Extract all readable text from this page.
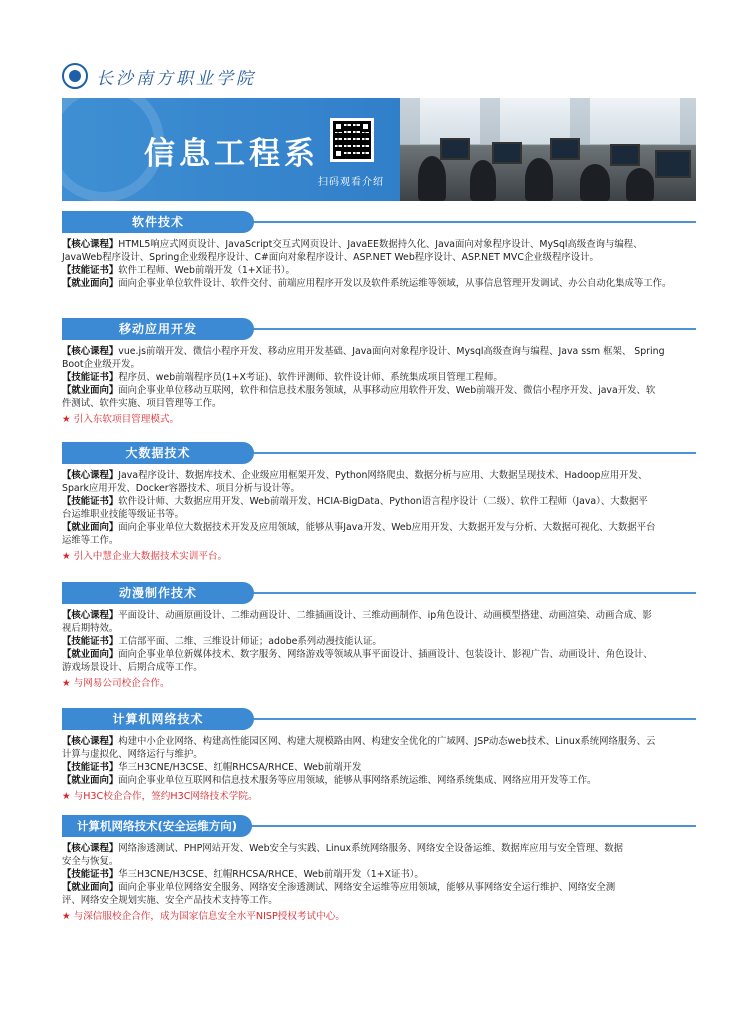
长沙南方职业学院
信息工程系
扫码观看介绍
软件技术
【核心课程】HTML5响应式网页设计、JavaScript交互式网页设计、JavaEE数据持久化、Java面向对象程序设计、MySql高级查询与编程、
JavaWeb程序设计、Spring企业级程序设计、C#面向对象程序设计、ASP.NET Web程序设计、ASP.NET MVC企业级程序设计。
【技能证书】软件工程师、Web前端开发（1+X证书）。
【就业面向】面向企事业单位软件设计、软件交付、前端应用程序开发以及软件系统运维等领域，从事信息管理开发调试、办公自动化集成等工作。
移动应用开发
【核心课程】vue.js前端开发、微信小程序开发、移动应用开发基础、Java面向对象程序设计、Mysql高级查询与编程、Java ssm 框架、 Spring
Boot企业级开发。
【技能证书】程序员、web前端程序员(1+X考证)、软件评测师、软件设计师、系统集成项目管理工程师。
【就业面向】面向企事业单位移动互联网，软件和信息技术服务领域，从事移动应用软件开发、Web前端开发、微信小程序开发、java开发、软
件测试、软件实施、项目管理等工作。
★ 引入东软项目管理模式。
大数据技术
【核心课程】Java程序设计、数据库技术、企业级应用框架开发、Python网络爬虫、数据分析与应用、大数据呈现技术、Hadoop应用开发、
Spark应用开发、Docker容器技术、项目分析与设计等。
【技能证书】软件设计师、大数据应用开发、Web前端开发、HCIA-BigData、Python语言程序设计（二级）、软件工程师（Java）、大数据平
台运维职业技能等级证书等。
【就业面向】面向企事业单位大数据技术开发及应用领域，能够从事Java开发、Web应用开发、大数据开发与分析、大数据可视化、大数据平台
运维等工作。
★ 引入中慧企业大数据技术实训平台。
动漫制作技术
【核心课程】平面设计、动画原画设计、二维动画设计、二维插画设计、三维动画制作、ip角色设计、动画模型搭建、动画渲染、动画合成、影
视后期特效。
【技能证书】工信部平面、二维、三维设计师证；adobe系列动漫技能认证。
【就业面向】面向企事业单位新媒体技术、数字服务、网络游戏等领域从事平面设计、插画设计、包装设计、影视广告、动画设计、角色设计、
游戏场景设计、后期合成等工作。
★ 与网易公司校企合作。
计算机网络技术
【核心课程】构建中小企业网络、构建高性能园区网、构建大规模路由网、构建安全优化的广域网、JSP动态web技术、Linux系统网络服务、云
计算与虚拟化、网络运行与维护。
【技能证书】华三H3CNE/H3CSE、红帽RHCSA/RHCE、Web前端开发
【就业面向】面向企事业单位互联网和信息技术服务等应用领域，能够从事网络系统运维、网络系统集成、网络应用开发等工作。
★ 与H3C校企合作，签约H3C网络技术学院。
计算机网络技术(安全运维方向)
【核心课程】网络渗透测试、PHP网站开发、Web安全与实践、Linux系统网络服务、网络安全设备运维、数据库应用与安全管理、数据
安全与恢复。
【技能证书】华三H3CNE/H3CSE、红帽RHCSA/RHCE、Web前端开发（1+X证书）。
【就业面向】面向企事业单位网络安全服务、网络安全渗透测试、网络安全运维等应用领域，能够从事网络安全运行维护、网络安全测
评、网络安全规划实施、安全产品技术支持等工作。
★ 与深信服校企合作，成为国家信息安全水平NISP授权考试中心。
